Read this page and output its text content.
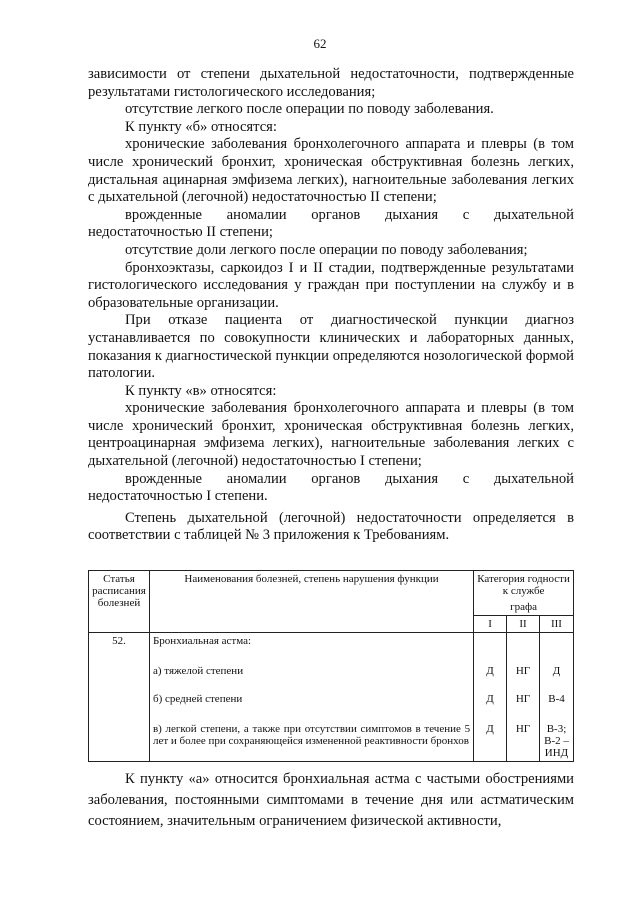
62

зависимости от степени дыхательной недостаточности, подтвержденные результатами гистологического исследования;

отсутствие легкого после операции по поводу заболевания.

К пункту «б» относятся:

хронические заболевания бронхолегочного аппарата и плевры (в том числе хронический бронхит, хроническая обструктивная болезнь легких, дистальная ацинарная эмфизема легких), нагноительные заболевания легких с дыхательной (легочной) недостаточностью II степени;

врожденные аномалии органов дыхания с дыхательной недостаточностью II степени;

отсутствие доли легкого после операции по поводу заболевания;

бронхоэктазы, саркоидоз I и II стадии, подтвержденные результатами гистологического исследования у граждан при поступлении на службу и в образовательные организации.

При отказе пациента от диагностической пункции диагноз устанавливается по совокупности клинических и лабораторных данных, показания к диагностической пункции определяются нозологической формой патологии.

К пункту «в» относятся:

хронические заболевания бронхолегочного аппарата и плевры (в том числе хронический бронхит, хроническая обструктивная болезнь легких, центроацинарная эмфизема легких), нагноительные заболевания легких с дыхательной (легочной) недостаточностью I степени;

врожденные аномалии органов дыхания с дыхательной недостаточностью I степени.

Степень дыхательной (легочной) недостаточности определяется в соответствии с таблицей № 3 приложения к Требованиям.

Статья расписания болезней	Наименования болезней, степень нарушения функции	Категория годности к службе		
		графа		
		I	II	III
52.	Бронхиальная астма:			
	а) тяжелой степени	Д	НГ	Д
	б) средней степени	Д	НГ	В-4
	в) легкой степени, а также при отсутствии симптомов в течение 5 лет и более при сохраняющейся измененной реактивности бронхов	Д	НГ	В-3; В-2 – ИНД

К пункту «а» относится бронхиальная астма с частыми обострениями заболевания, постоянными симптомами в течение дня или астматическим состоянием, значительным ограничением физической активности,
